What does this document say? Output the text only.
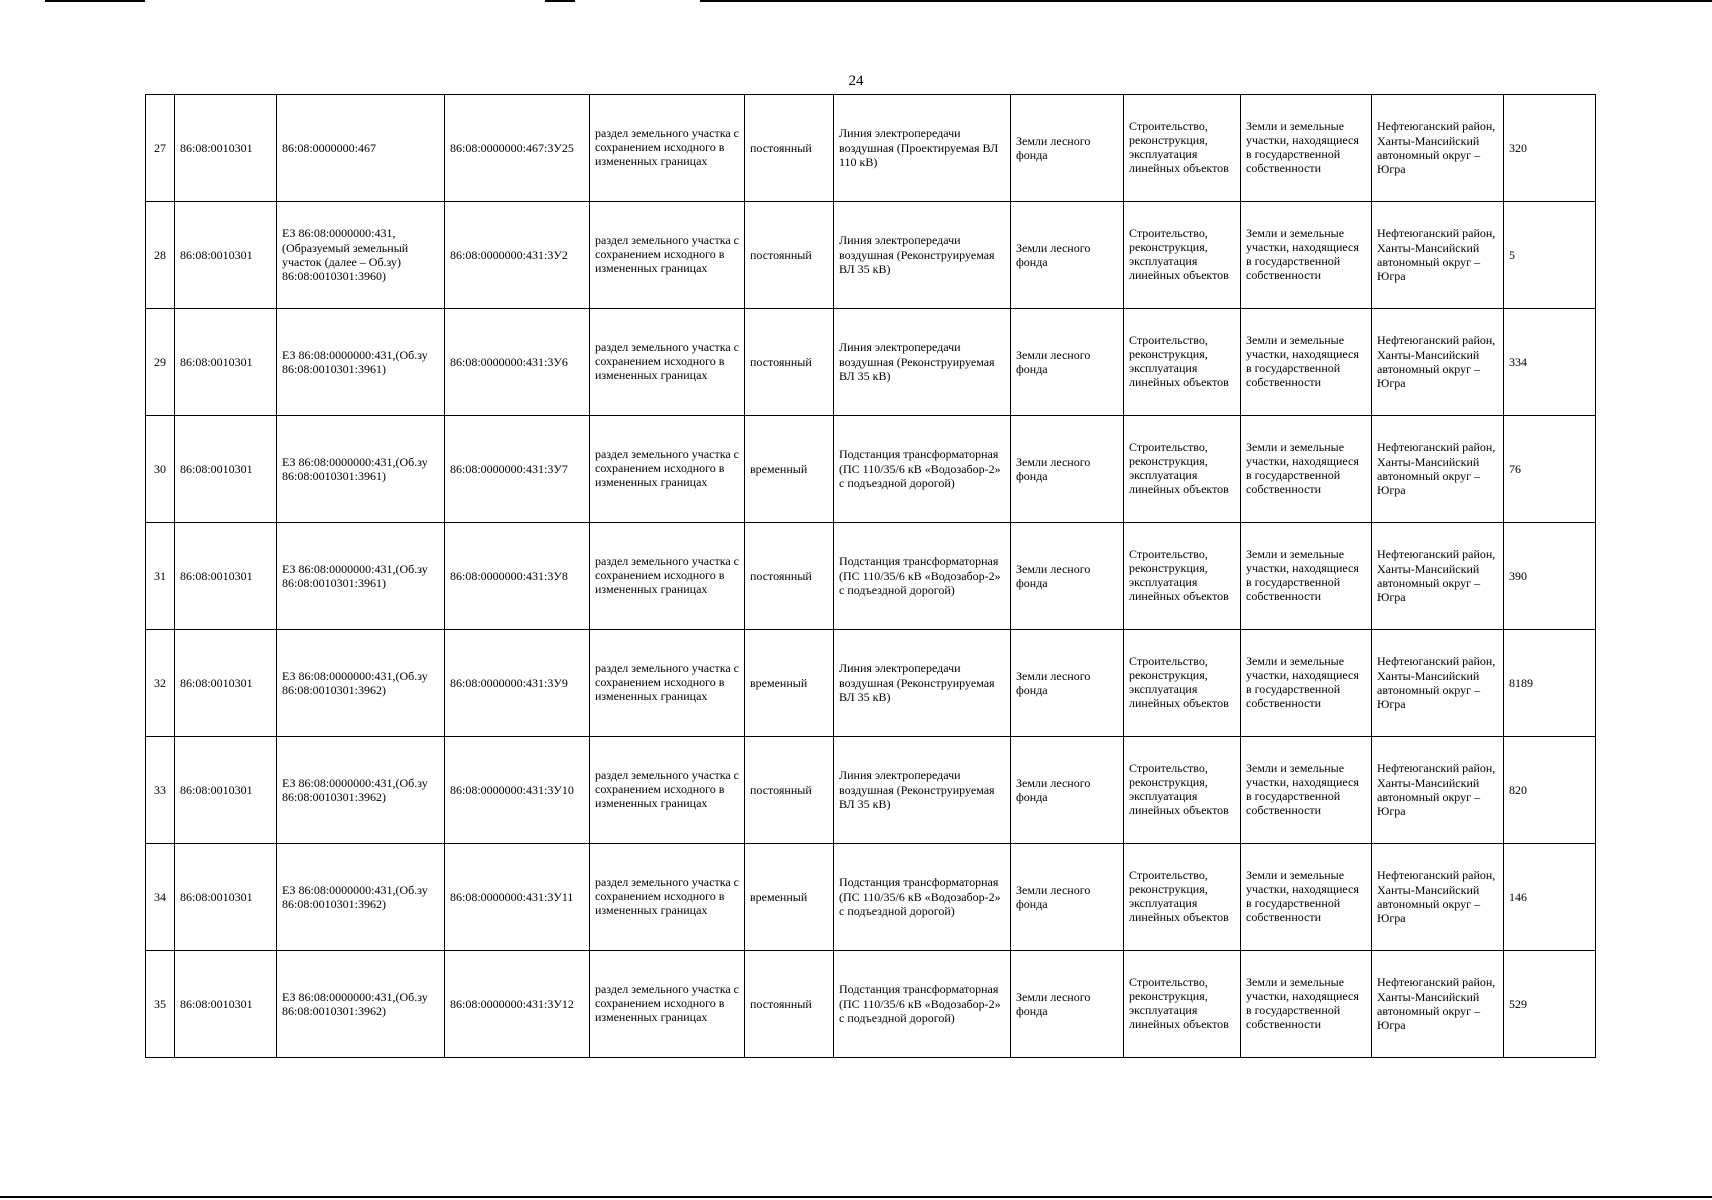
24
27	86:08:0010301	86:08:0000000:467	86:08:0000000:467:3У25	раздел земельного участка с сохранением исходного в измененных границах	постоянный	Линия электропередачи воздушная (Проектируемая ВЛ 110 кВ)	Земли лесного фонда	Строительство, реконструкция, эксплуатация линейных объектов	Земли и земельные участки, находящиеся в государственной собственности	Нефтеюганский район, Ханты-Мансийский автономный округ – Югра	320
28	86:08:0010301	ЕЗ 86:08:0000000:431, (Образуемый земельный участок (далее – Об.зу) 86:08:0010301:3960)	86:08:0000000:431:3У2	раздел земельного участка с сохранением исходного в измененных границах	постоянный	Линия электропередачи воздушная (Реконструируемая ВЛ 35 кВ)	Земли лесного фонда	Строительство, реконструкция, эксплуатация линейных объектов	Земли и земельные участки, находящиеся в государственной собственности	Нефтеюганский район, Ханты-Мансийский автономный округ – Югра	5
29	86:08:0010301	ЕЗ 86:08:0000000:431,(Об.зу 86:08:0010301:3961)	86:08:0000000:431:3У6	раздел земельного участка с сохранением исходного в измененных границах	постоянный	Линия электропередачи воздушная (Реконструируемая ВЛ 35 кВ)	Земли лесного фонда	Строительство, реконструкция, эксплуатация линейных объектов	Земли и земельные участки, находящиеся в государственной собственности	Нефтеюганский район, Ханты-Мансийский автономный округ – Югра	334
30	86:08:0010301	ЕЗ 86:08:0000000:431,(Об.зу 86:08:0010301:3961)	86:08:0000000:431:3У7	раздел земельного участка с сохранением исходного в измененных границах	временный	Подстанция трансформаторная (ПС 110/35/6 кВ «Водозабор-2» с подъездной дорогой)	Земли лесного фонда	Строительство, реконструкция, эксплуатация линейных объектов	Земли и земельные участки, находящиеся в государственной собственности	Нефтеюганский район, Ханты-Мансийский автономный округ – Югра	76
31	86:08:0010301	ЕЗ 86:08:0000000:431,(Об.зу 86:08:0010301:3961)	86:08:0000000:431:3У8	раздел земельного участка с сохранением исходного в измененных границах	постоянный	Подстанция трансформаторная (ПС 110/35/6 кВ «Водозабор-2» с подъездной дорогой)	Земли лесного фонда	Строительство, реконструкция, эксплуатация линейных объектов	Земли и земельные участки, находящиеся в государственной собственности	Нефтеюганский район, Ханты-Мансийский автономный округ – Югра	390
32	86:08:0010301	ЕЗ 86:08:0000000:431,(Об.зу 86:08:0010301:3962)	86:08:0000000:431:3У9	раздел земельного участка с сохранением исходного в измененных границах	временный	Линия электропередачи воздушная (Реконструируемая ВЛ 35 кВ)	Земли лесного фонда	Строительство, реконструкция, эксплуатация линейных объектов	Земли и земельные участки, находящиеся в государственной собственности	Нефтеюганский район, Ханты-Мансийский автономный округ – Югра	8189
33	86:08:0010301	ЕЗ 86:08:0000000:431,(Об.зу 86:08:0010301:3962)	86:08:0000000:431:3У10	раздел земельного участка с сохранением исходного в измененных границах	постоянный	Линия электропередачи воздушная (Реконструируемая ВЛ 35 кВ)	Земли лесного фонда	Строительство, реконструкция, эксплуатация линейных объектов	Земли и земельные участки, находящиеся в государственной собственности	Нефтеюганский район, Ханты-Мансийский автономный округ – Югра	820
34	86:08:0010301	ЕЗ 86:08:0000000:431,(Об.зу 86:08:0010301:3962)	86:08:0000000:431:3У11	раздел земельного участка с сохранением исходного в измененных границах	временный	Подстанция трансформаторная (ПС 110/35/6 кВ «Водозабор-2» с подъездной дорогой)	Земли лесного фонда	Строительство, реконструкция, эксплуатация линейных объектов	Земли и земельные участки, находящиеся в государственной собственности	Нефтеюганский район, Ханты-Мансийский автономный округ – Югра	146
35	86:08:0010301	ЕЗ 86:08:0000000:431,(Об.зу 86:08:0010301:3962)	86:08:0000000:431:3У12	раздел земельного участка с сохранением исходного в измененных границах	постоянный	Подстанция трансформаторная (ПС 110/35/6 кВ «Водозабор-2» с подъездной дорогой)	Земли лесного фонда	Строительство, реконструкция, эксплуатация линейных объектов	Земли и земельные участки, находящиеся в государственной собственности	Нефтеюганский район, Ханты-Мансийский автономный округ – Югра	529
